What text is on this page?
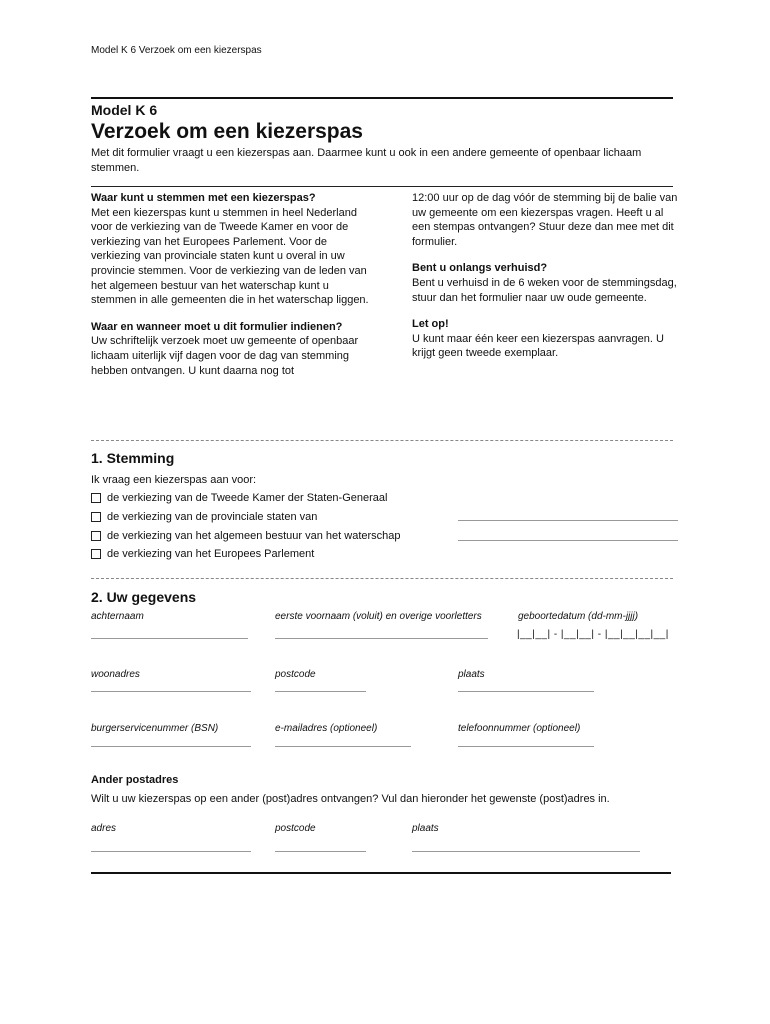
Model K 6 Verzoek om een kiezerspas
Model K 6
Verzoek om een kiezerspas
Met dit formulier vraagt u een kiezerspas aan. Daarmee kunt u ook in een andere gemeente of openbaar lichaam stemmen.

Waar kunt u stemmen met een kiezerspas?
Met een kiezerspas kunt u stemmen in heel Nederland voor de verkiezing van de Tweede Kamer en voor de verkiezing van het Europees Parlement. Voor de verkiezing van provinciale staten kunt u overal in uw provincie stemmen. Voor de verkiezing van de leden van het algemeen bestuur van het waterschap kunt u stemmen in alle gemeenten die in het waterschap liggen.

Waar en wanneer moet u dit formulier indienen?
Uw schriftelijk verzoek moet uw gemeente of openbaar lichaam uiterlijk vijf dagen voor de dag van stemming hebben ontvangen. U kunt daarna nog tot

12:00 uur op de dag vóór de stemming bij de balie van uw gemeente om een kiezerspas vragen. Heeft u al een stempas ontvangen? Stuur deze dan mee met dit formulier.

Bent u onlangs verhuisd?
Bent u verhuisd in de 6 weken voor de stemmingsdag, stuur dan het formulier naar uw oude gemeente.

Let op!
U kunt maar één keer een kiezerspas aanvragen. U krijgt geen tweede exemplaar.

1. Stemming
Ik vraag een kiezerspas aan voor:
de verkiezing van de Tweede Kamer der Staten-Generaal
de verkiezing van de provinciale staten van
de verkiezing van het algemeen bestuur van het waterschap
de verkiezing van het Europees Parlement
2. Uw gegevens
achternaam	eerste voornaam (voluit) en overige voorletters	geboortedatum (dd-mm-jjjj)
|__|__| - |__|__| - |__|__|__|__|
woonadres	postcode	plaats
burgerservicenummer (BSN)	e-mailadres (optioneel)	telefoonnummer (optioneel)
Ander postadres
Wilt u uw kiezerspas op een ander (post)adres ontvangen? Vul dan hieronder het gewenste (post)adres in.
adres	postcode	plaats
